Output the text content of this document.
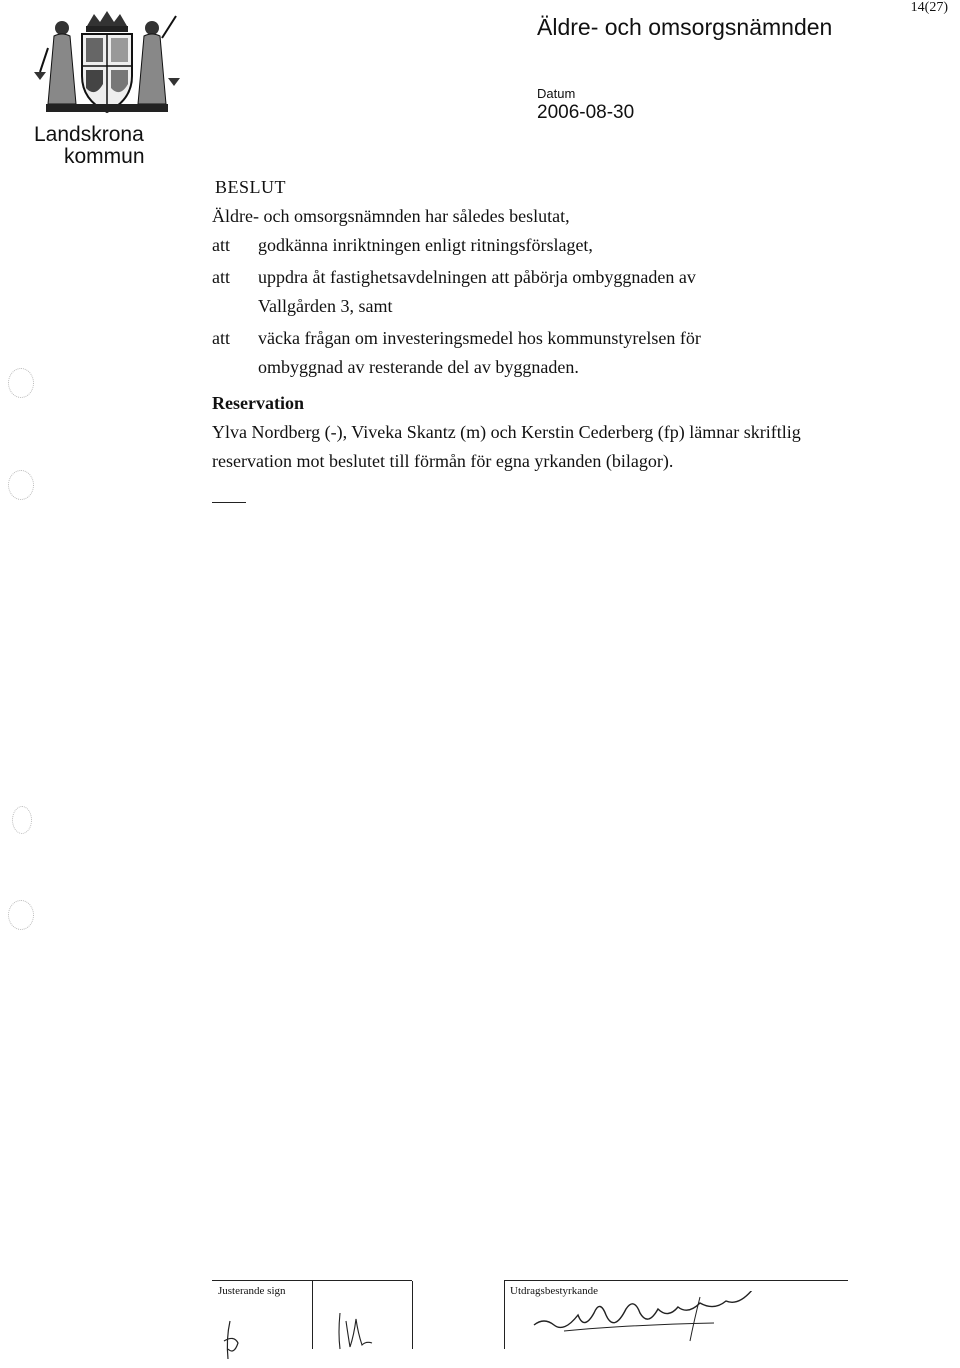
14(27)
Äldre- och omsorgsnämnden
Datum
2006-08-30
Landskrona
kommun
BESLUT
Äldre- och omsorgsnämnden har således beslutat,
att	godkänna inriktningen enligt ritningsförslaget,
att	uppdra åt fastighetsavdelningen att påbörja ombyggnaden av Vallgården 3, samt
att	väcka frågan om investeringsmedel hos kommunstyrelsen för ombyggnad av resterande del av byggnaden.
Reservation
Ylva Nordberg (-), Viveka Skantz (m) och Kerstin Cederberg (fp) lämnar skriftlig reservation mot beslutet till förmån för egna yrkanden (bilagor).
Justerande sign	Utdragsbestyrkande
